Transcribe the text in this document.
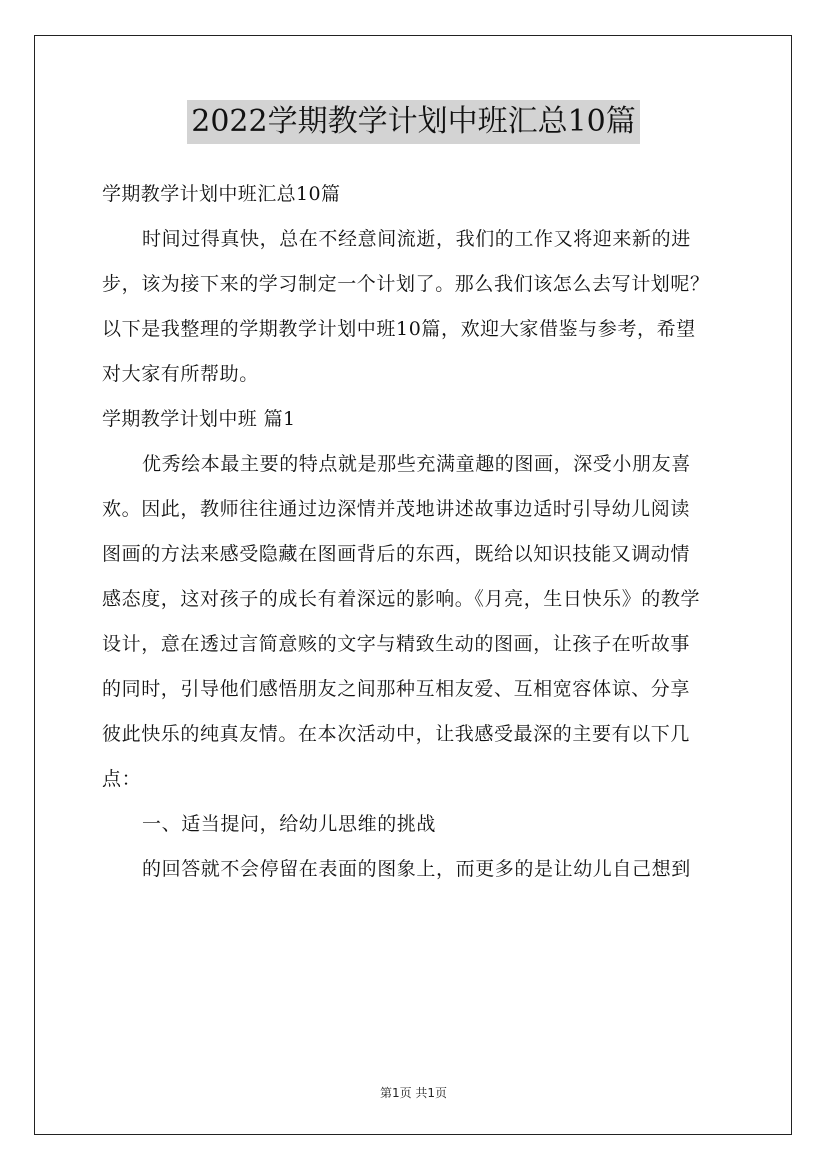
2022学期教学计划中班汇总10篇
学期教学计划中班汇总10篇
时间过得真快，总在不经意间流逝，我们的工作又将迎来新的进
步，该为接下来的学习制定一个计划了。那么我们该怎么去写计划呢？
以下是我整理的学期教学计划中班10篇，欢迎大家借鉴与参考，希望
对大家有所帮助。
学期教学计划中班 篇1
优秀绘本最主要的特点就是那些充满童趣的图画，深受小朋友喜
欢。因此，教师往往通过边深情并茂地讲述故事边适时引导幼儿阅读
图画的方法来感受隐藏在图画背后的东西，既给以知识技能又调动情
感态度，这对孩子的成长有着深远的影响。《月亮，生日快乐》的教学
设计，意在透过言简意赅的文字与精致生动的图画，让孩子在听故事
的同时，引导他们感悟朋友之间那种互相友爱、互相宽容体谅、分享
彼此快乐的纯真友情。在本次活动中，让我感受最深的主要有以下几
点：
一、适当提问，给幼儿思维的挑战
的回答就不会停留在表面的图象上，而更多的是让幼儿自己想到
第1页 共1页
